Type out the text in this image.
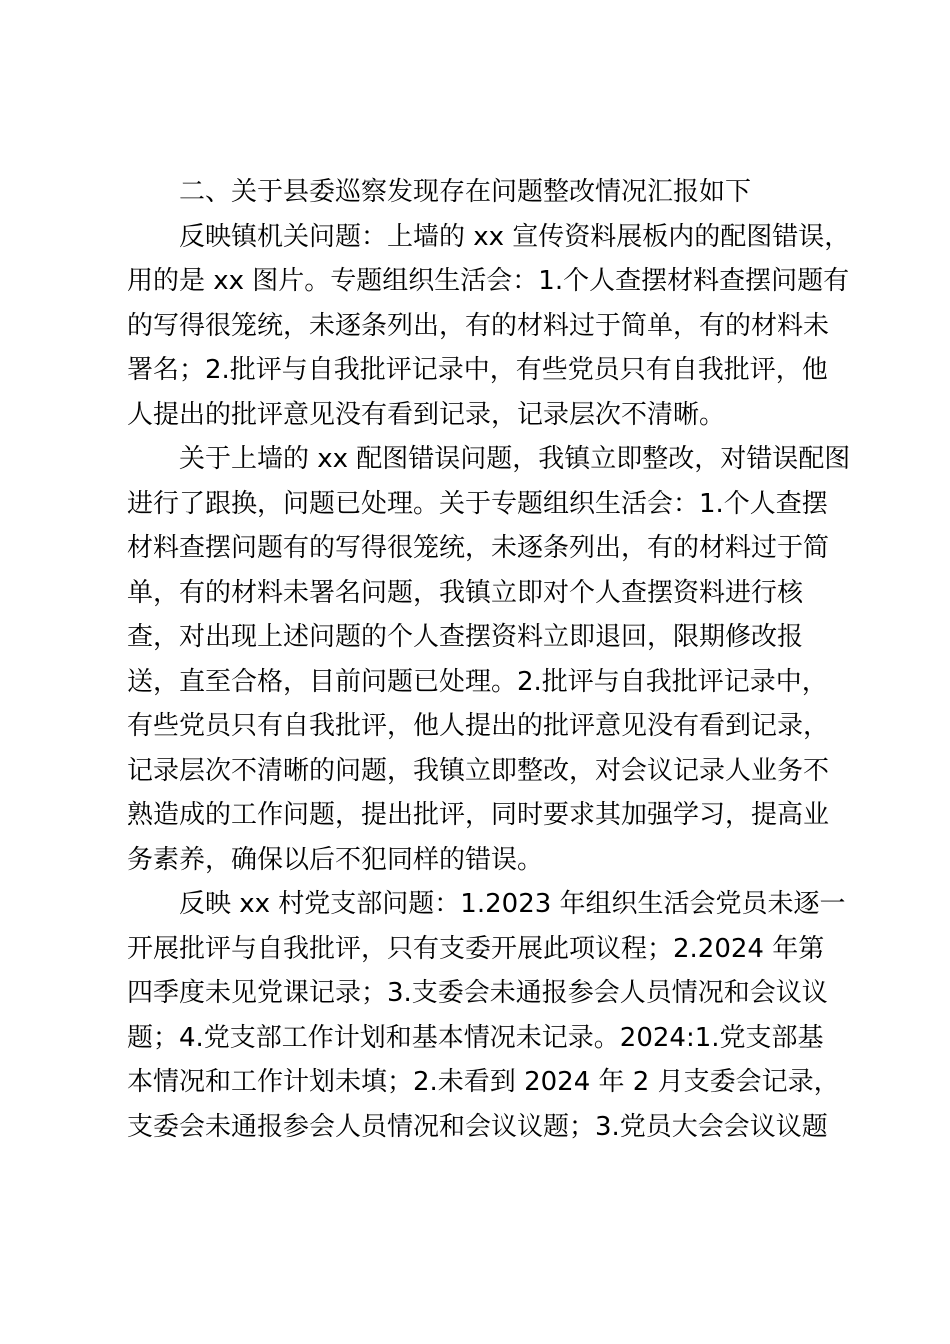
二、关于县委巡察发现存在问题整改情况汇报如下
反映镇机关问题：上墙的 xx 宣传资料展板内的配图错误，
用的是 xx 图片。专题组织生活会：1.个人查摆材料查摆问题有
的写得很笼统，未逐条列出，有的材料过于简单，有的材料未
署名；2.批评与自我批评记录中，有些党员只有自我批评，他
人提出的批评意见没有看到记录，记录层次不清晰。
关于上墙的 xx 配图错误问题，我镇立即整改，对错误配图
进行了跟换，问题已处理。关于专题组织生活会：1.个人查摆
材料查摆问题有的写得很笼统，未逐条列出，有的材料过于简
单，有的材料未署名问题，我镇立即对个人查摆资料进行核
查，对出现上述问题的个人查摆资料立即退回，限期修改报
送，直至合格，目前问题已处理。2.批评与自我批评记录中，
有些党员只有自我批评，他人提出的批评意见没有看到记录，
记录层次不清晰的问题，我镇立即整改，对会议记录人业务不
熟造成的工作问题，提出批评，同时要求其加强学习，提高业
务素养，确保以后不犯同样的错误。
反映 xx 村党支部问题：1.2023 年组织生活会党员未逐一
开展批评与自我批评，只有支委开展此项议程；2.2024 年第
四季度未见党课记录；3.支委会未通报参会人员情况和会议议
题；4.党支部工作计划和基本情况未记录。2024:1.党支部基
本情况和工作计划未填；2.未看到 2024 年 2 月支委会记录，
支委会未通报参会人员情况和会议议题；3.党员大会会议议题
